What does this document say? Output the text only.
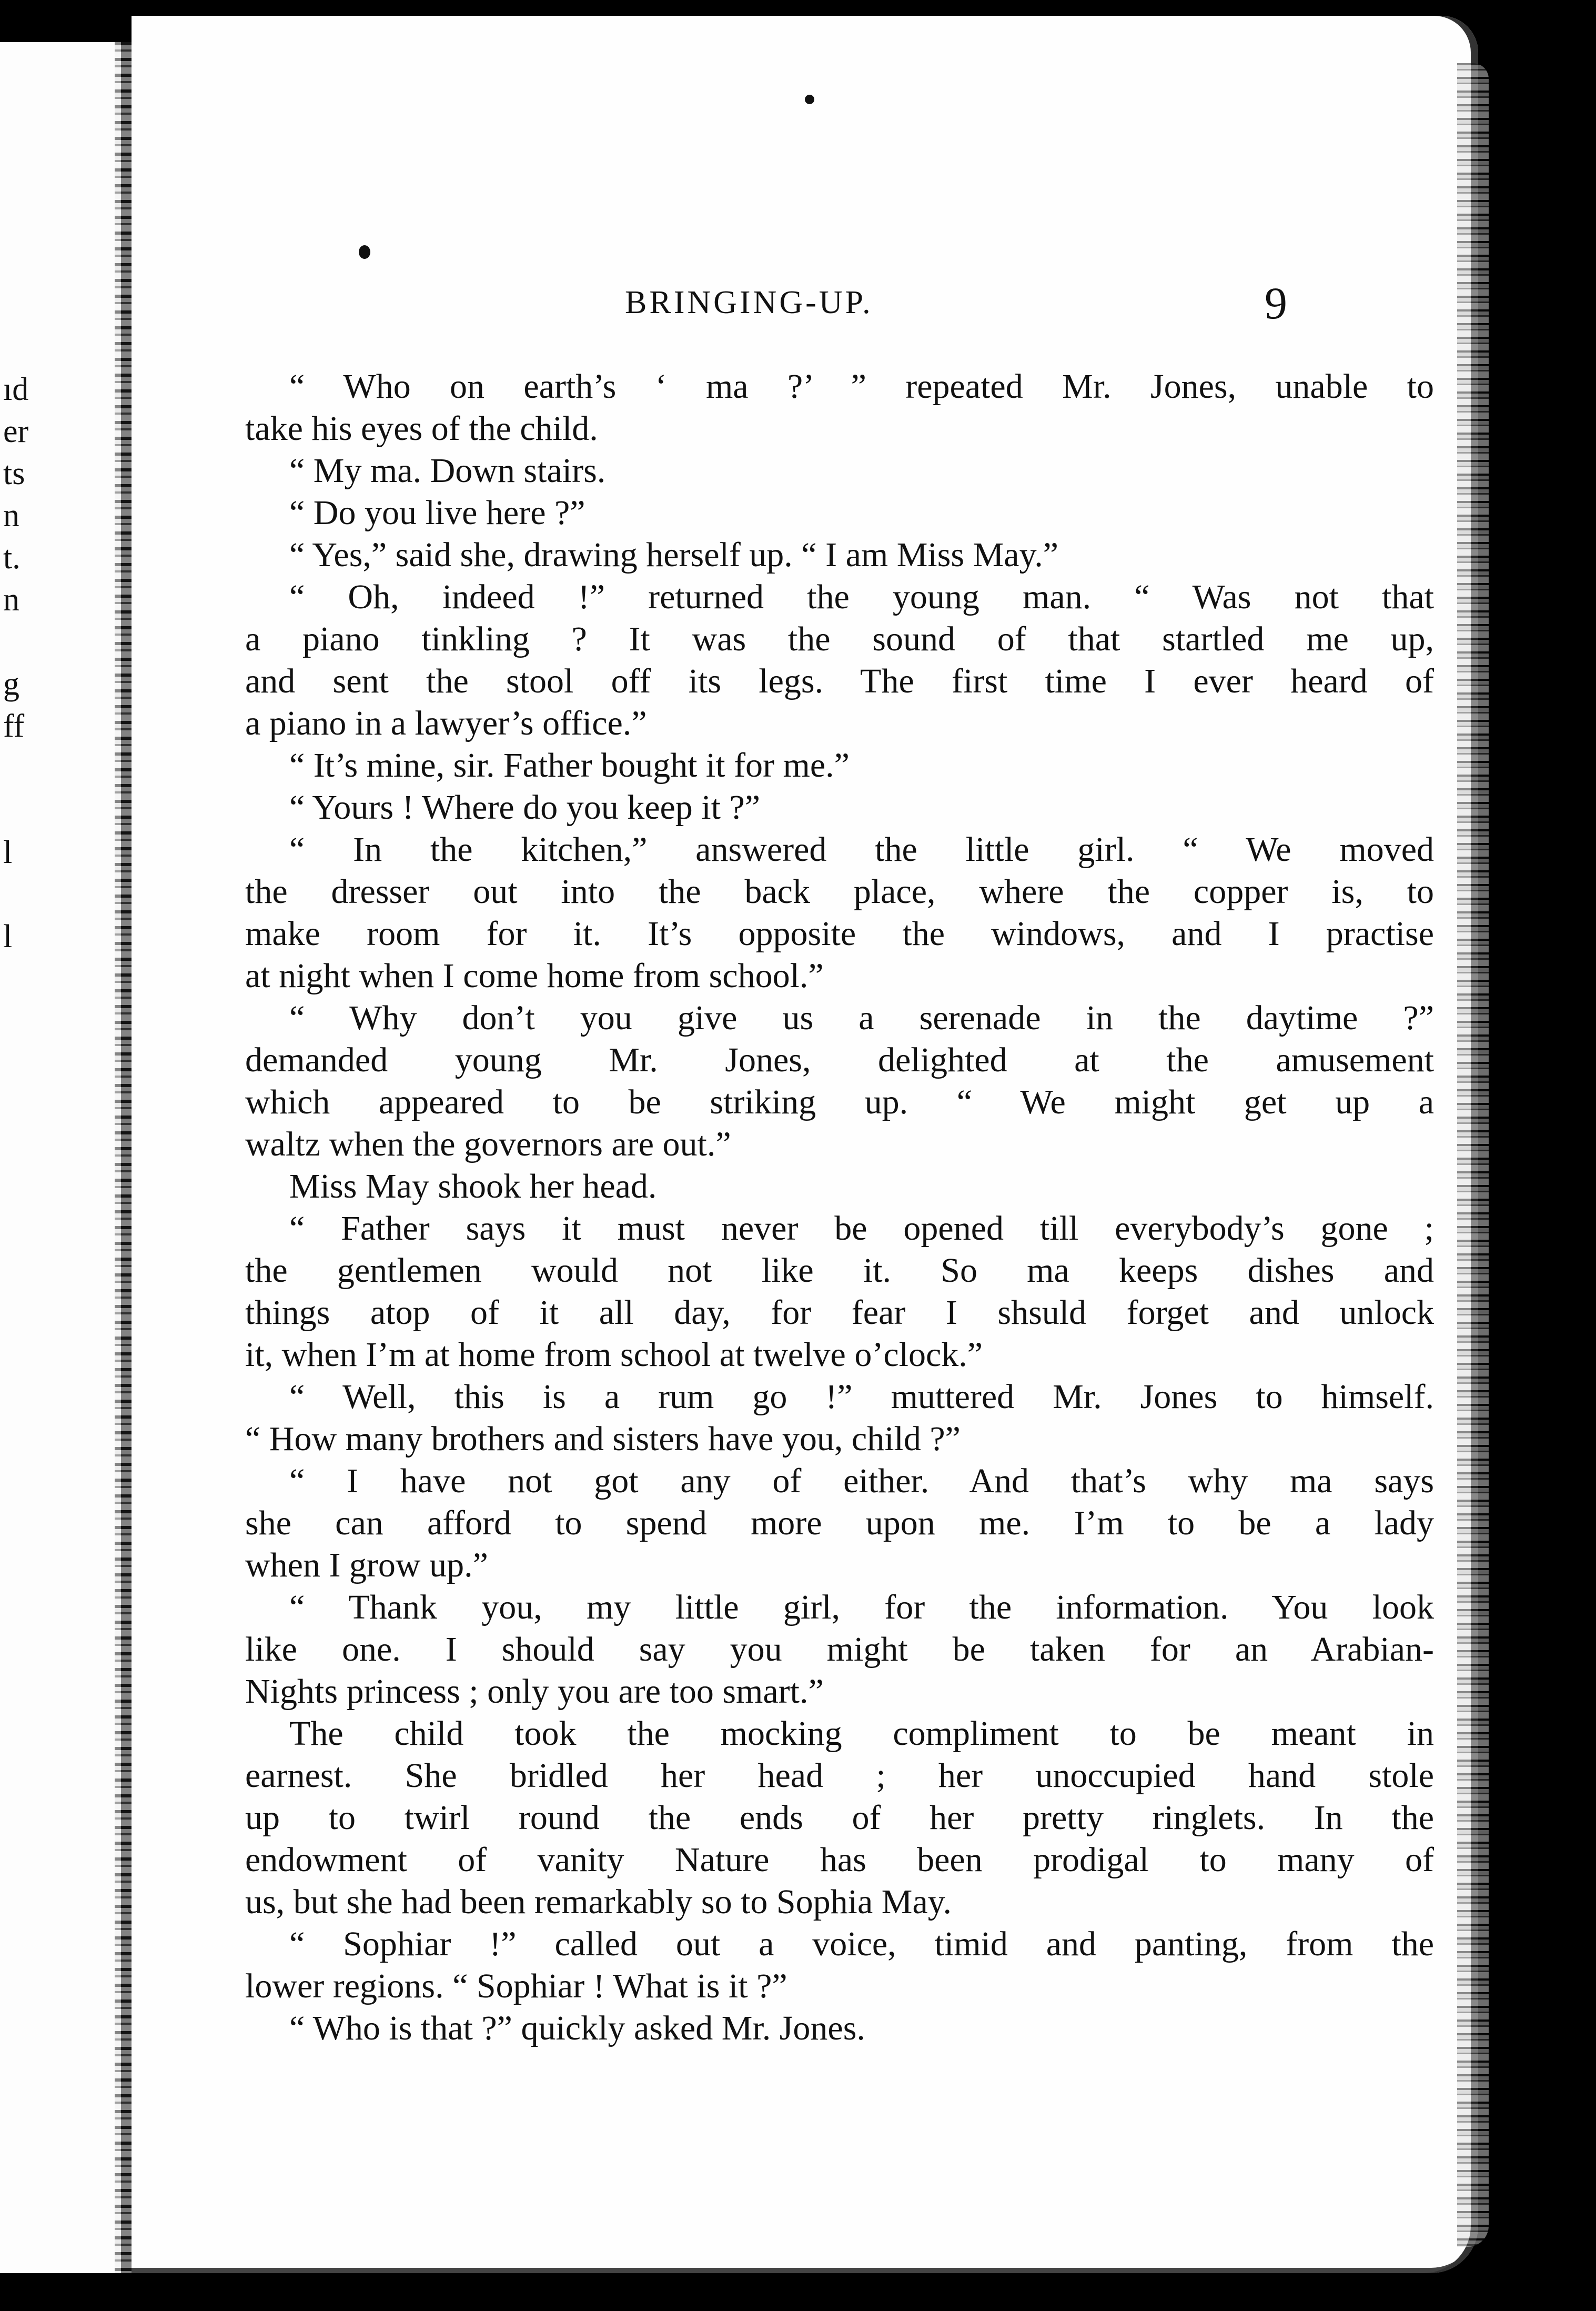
ıd
er
ts
n
t.
n
g
ff
l
l
BRINGING-UP.	9
“ Who on earth’s ‘ ma ?’ ” repeated Mr. Jones, unable to
take his eyes of the child.
“ My ma. Down stairs.
“ Do you live here ?”
“ Yes,” said she, drawing herself up. “ I am Miss May.”
“ Oh, indeed !” returned the young man. “ Was not that
a piano tinkling ? It was the sound of that startled me up,
and sent the stool off its legs. The first time I ever heard of
a piano in a lawyer’s office.”
“ It’s mine, sir. Father bought it for me.”
“ Yours ! Where do you keep it ?”
“ In the kitchen,” answered the little girl. “ We moved
the dresser out into the back place, where the copper is, to
make room for it. It’s opposite the windows, and I practise
at night when I come home from school.”
“ Why don’t you give us a serenade in the daytime ?”
demanded young Mr. Jones, delighted at the amusement
which appeared to be striking up. “ We might get up a
waltz when the governors are out.”
Miss May shook her head.
“ Father says it must never be opened till everybody’s gone ;
the gentlemen would not like it. So ma keeps dishes and
things atop of it all day, for fear I shsuld forget and unlock
it, when I’m at home from school at twelve o’clock.”
“ Well, this is a rum go !” muttered Mr. Jones to himself.
“ How many brothers and sisters have you, child ?”
“ I have not got any of either. And that’s why ma says
she can afford to spend more upon me. I’m to be a lady
when I grow up.”
“ Thank you, my little girl, for the information. You look
like one. I should say you might be taken for an Arabian-
Nights princess ; only you are too smart.”
The child took the mocking compliment to be meant in
earnest. She bridled her head ; her unoccupied hand stole
up to twirl round the ends of her pretty ringlets. In the
endowment of vanity Nature has been prodigal to many of
us, but she had been remarkably so to Sophia May.
“ Sophiar !” called out a voice, timid and panting, from the
lower regions. “ Sophiar ! What is it ?”
“ Who is that ?” quickly asked Mr. Jones.
